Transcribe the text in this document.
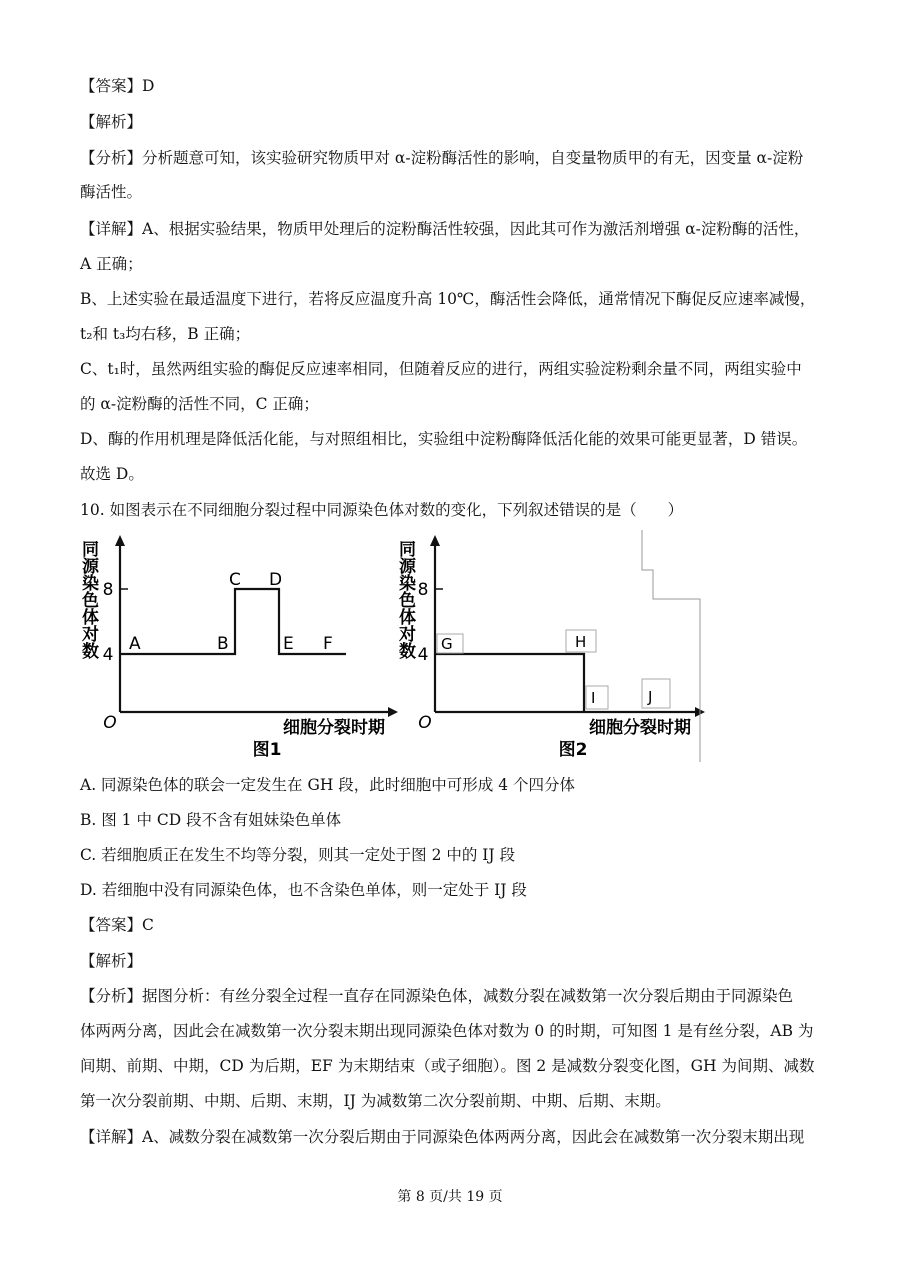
【答案】D
【解析】
【分析】分析题意可知，该实验研究物质甲对 α-淀粉酶活性的影响，自变量物质甲的有无，因变量 α-淀粉
酶活性。
【详解】A、根据实验结果，物质甲处理后的淀粉酶活性较强，因此其可作为激活剂增强 α-淀粉酶的活性，
A 正确；
B、上述实验在最适温度下进行，若将反应温度升高 10℃，酶活性会降低，通常情况下酶促反应速率减慢，
t₂和 t₃均右移，B 正确；
C、t₁时，虽然两组实验的酶促反应速率相同，但随着反应的进行，两组实验淀粉剩余量不同，两组实验中
的 α-淀粉酶的活性不同，C 正确；
D、酶的作用机理是降低活化能，与对照组相比，实验组中淀粉酶降低活化能的效果可能更显著，D 错误。
故选 D。
10. 如图表示在不同细胞分裂过程中同源染色体对数的变化，下列叙述错误的是（　　）
8
4
A	B
C D
E F
O	细胞分裂时期
图1
同源染色体对数	8
4
G	H
I	J
O	细胞分裂时期
图2
同源染色体对数
A. 同源染色体的联会一定发生在 GH 段，此时细胞中可形成 4 个四分体
B. 图 1 中 CD 段不含有姐妹染色单体
C. 若细胞质正在发生不均等分裂，则其一定处于图 2 中的 IJ 段
D. 若细胞中没有同源染色体，也不含染色单体，则一定处于 IJ 段
【答案】C
【解析】
【分析】据图分析：有丝分裂全过程一直存在同源染色体，减数分裂在减数第一次分裂后期由于同源染色
体两两分离，因此会在减数第一次分裂末期出现同源染色体对数为 0 的时期，可知图 1 是有丝分裂，AB 为
间期、前期、中期，CD 为后期，EF 为末期结束（或子细胞）。图 2 是减数分裂变化图，GH 为间期、减数
第一次分裂前期、中期、后期、末期，IJ 为减数第二次分裂前期、中期、后期、末期。
【详解】A、减数分裂在减数第一次分裂后期由于同源染色体两两分离，因此会在减数第一次分裂末期出现
第 8 页/共 19 页
